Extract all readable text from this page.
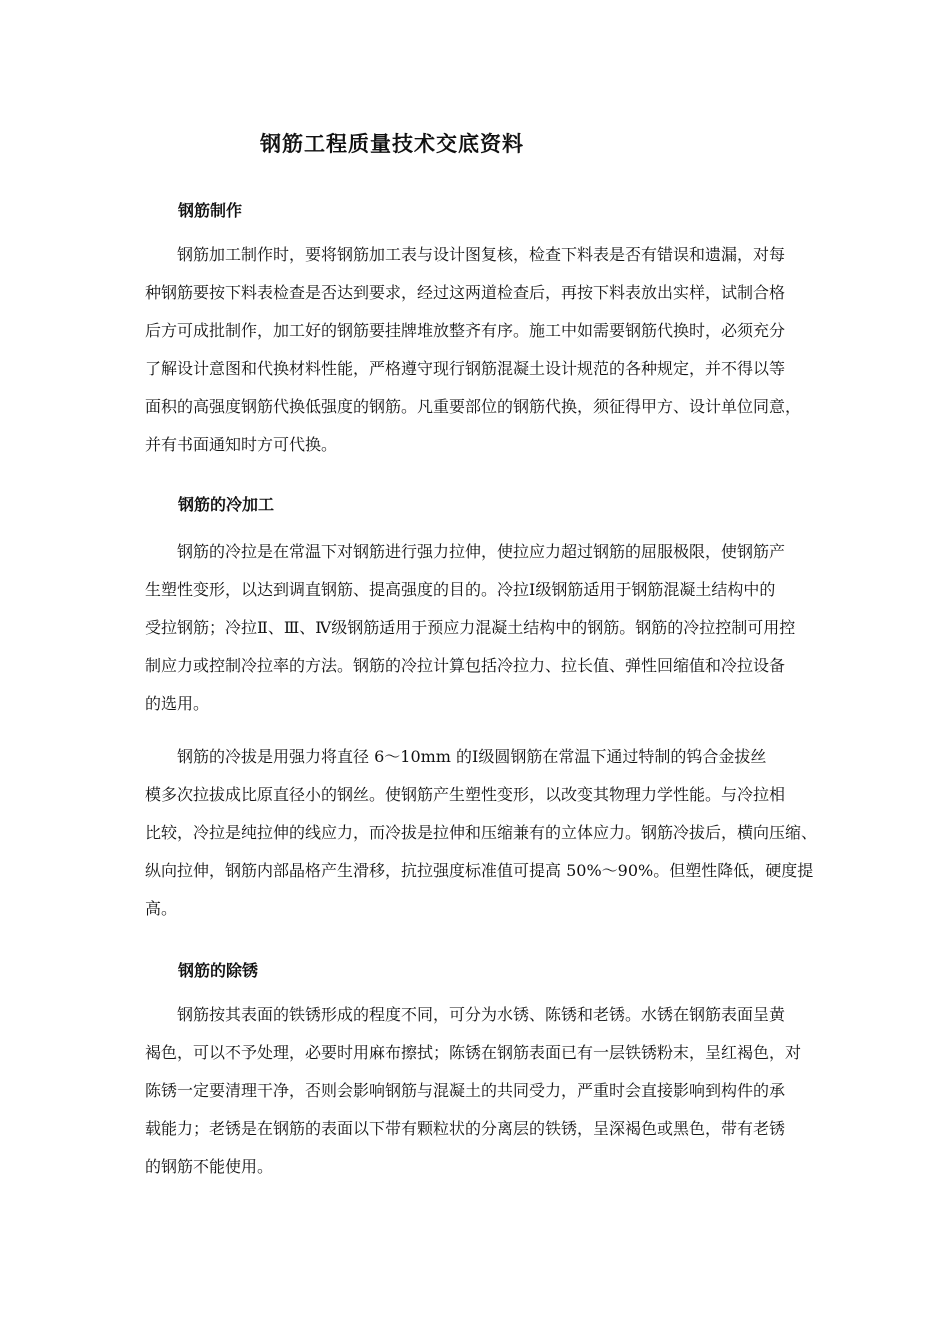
钢筋工程质量技术交底资料
钢筋制作
　　钢筋加工制作时，要将钢筋加工表与设计图复核，检查下料表是否有错误和遗漏，对每
种钢筋要按下料表检查是否达到要求，经过这两道检查后，再按下料表放出实样，试制合格
后方可成批制作，加工好的钢筋要挂牌堆放整齐有序。施工中如需要钢筋代换时，必须充分
了解设计意图和代换材料性能，严格遵守现行钢筋混凝土设计规范的各种规定，并不得以等
面积的高强度钢筋代换低强度的钢筋。凡重要部位的钢筋代换，须征得甲方、设计单位同意，
并有书面通知时方可代换。
钢筋的冷加工
　　钢筋的冷拉是在常温下对钢筋进行强力拉伸，使拉应力超过钢筋的屈服极限，使钢筋产
生塑性变形，以达到调直钢筋、提高强度的目的。冷拉Ⅰ级钢筋适用于钢筋混凝土结构中的
受拉钢筋；冷拉Ⅱ、Ⅲ、Ⅳ级钢筋适用于预应力混凝土结构中的钢筋。钢筋的冷拉控制可用控
制应力或控制冷拉率的方法。钢筋的冷拉计算包括冷拉力、拉长值、弹性回缩值和冷拉设备
的选用。
　　钢筋的冷拔是用强力将直径 6～10mm 的Ⅰ级圆钢筋在常温下通过特制的钨合金拔丝
模多次拉拔成比原直径小的钢丝。使钢筋产生塑性变形，以改变其物理力学性能。与冷拉相
比较，冷拉是纯拉伸的线应力，而冷拔是拉伸和压缩兼有的立体应力。钢筋冷拔后，横向压缩、
纵向拉伸，钢筋内部晶格产生滑移，抗拉强度标准值可提高 50%～90%。但塑性降低，硬度提
高。
钢筋的除锈
　　钢筋按其表面的铁锈形成的程度不同，可分为水锈、陈锈和老锈。水锈在钢筋表面呈黄
褐色，可以不予处理，必要时用麻布擦拭；陈锈在钢筋表面已有一层铁锈粉末，呈红褐色，对
陈锈一定要清理干净，否则会影响钢筋与混凝土的共同受力，严重时会直接影响到构件的承
载能力；老锈是在钢筋的表面以下带有颗粒状的分离层的铁锈，呈深褐色或黑色，带有老锈
的钢筋不能使用。
